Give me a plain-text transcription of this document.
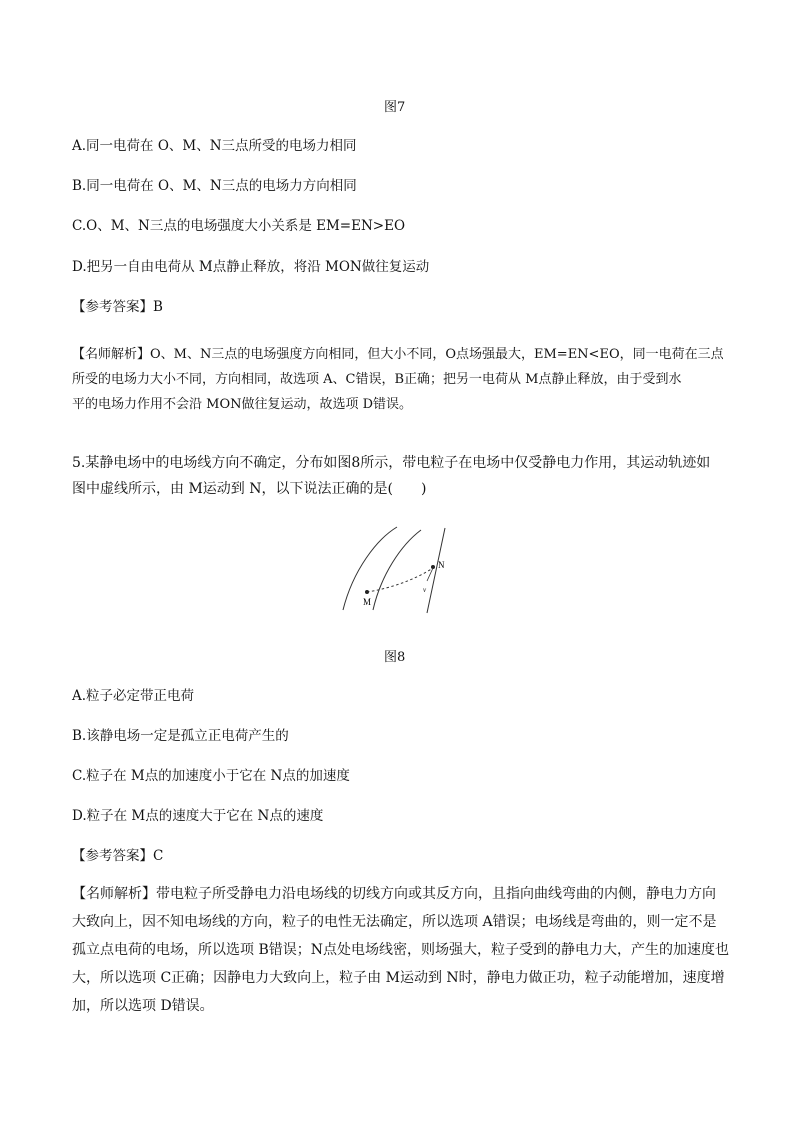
图7
A.同一电荷在 O、M、N三点所受的电场力相同
B.同一电荷在 O、M、N三点的电场力方向相同
C.O、M、N三点的电场强度大小关系是 EM=EN>EO
D.把另一自由电荷从 M点静止释放，将沿 MON做往复运动
【参考答案】B
【名师解析】O、M、N三点的电场强度方向相同，但大小不同，O点场强最大，EM=EN<EO，同一电荷在三点
所受的电场力大小不同，方向相同，故选项 A、C错误，B正确；把另一电荷从 M点静止释放，由于受到水
平的电场力作用不会沿 MON做往复运动，故选项 D错误。
5.某静电场中的电场线方向不确定，分布如图8所示，带电粒子在电场中仅受静电力作用，其运动轨迹如
图中虚线所示，由 M运动到 N，以下说法正确的是(　　)
M
N
v
图8
A.粒子必定带正电荷
B.该静电场一定是孤立正电荷产生的
C.粒子在 M点的加速度小于它在 N点的加速度
D.粒子在 M点的速度大于它在 N点的速度
【参考答案】C
【名师解析】带电粒子所受静电力沿电场线的切线方向或其反方向，且指向曲线弯曲的内侧，静电力方向
大致向上，因不知电场线的方向，粒子的电性无法确定，所以选项 A错误；电场线是弯曲的，则一定不是
孤立点电荷的电场，所以选项 B错误；N点处电场线密，则场强大，粒子受到的静电力大，产生的加速度也
大，所以选项 C正确；因静电力大致向上，粒子由 M运动到 N时，静电力做正功，粒子动能增加，速度增
加，所以选项 D错误。
